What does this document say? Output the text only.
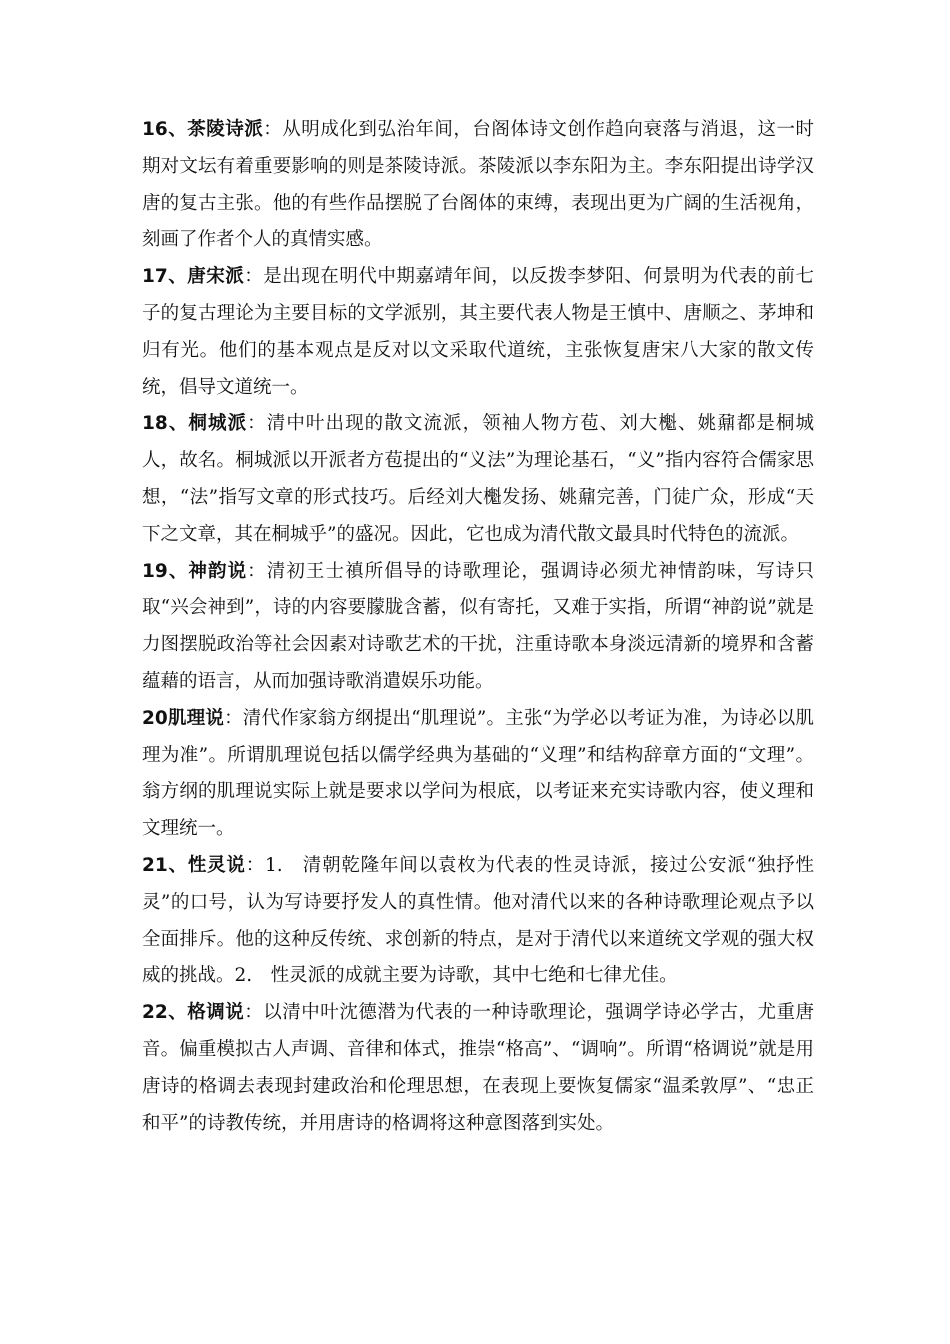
16、茶陵诗派：从明成化到弘治年间，台阁体诗文创作趋向衰落与消退，这一时期对文坛有着重要影响的则是茶陵诗派。茶陵派以李东阳为主。李东阳提出诗学汉唐的复古主张。他的有些作品摆脱了台阁体的束缚，表现出更为广阔的生活视角，刻画了作者个人的真情实感。

17、唐宋派：是出现在明代中期嘉靖年间，以反拨李梦阳、何景明为代表的前七子的复古理论为主要目标的文学派别，其主要代表人物是王慎中、唐顺之、茅坤和归有光。他们的基本观点是反对以文采取代道统，主张恢复唐宋八大家的散文传统，倡导文道统一。

18、桐城派：清中叶出现的散文流派，领袖人物方苞、刘大櫆、姚鼐都是桐城人，故名。桐城派以开派者方苞提出的“义法”为理论基石，“义”指内容符合儒家思想，“法”指写文章的形式技巧。后经刘大櫆发扬、姚鼐完善，门徒广众，形成“天下之文章，其在桐城乎”的盛况。因此，它也成为清代散文最具时代特色的流派。

19、神韵说：清初王士禛所倡导的诗歌理论，强调诗必须尤神情韵味，写诗只取“兴会神到”，诗的内容要朦胧含蓄，似有寄托，又难于实指，所谓“神韵说”就是力图摆脱政治等社会因素对诗歌艺术的干扰，注重诗歌本身淡远清新的境界和含蓄蕴藉的语言，从而加强诗歌消遣娱乐功能。

20肌理说：清代作家翁方纲提出“肌理说”。主张“为学必以考证为准，为诗必以肌理为准”。所谓肌理说包括以儒学经典为基础的“义理”和结构辞章方面的“文理”。翁方纲的肌理说实际上就是要求以学问为根底，以考证来充实诗歌内容，使义理和文理统一。

21、性灵说：1.　清朝乾隆年间以袁枚为代表的性灵诗派，接过公安派“独抒性灵”的口号，认为写诗要抒发人的真性情。他对清代以来的各种诗歌理论观点予以全面排斥。他的这种反传统、求创新的特点，是对于清代以来道统文学观的强大权威的挑战。2.　性灵派的成就主要为诗歌，其中七绝和七律尤佳。

22、格调说：以清中叶沈德潜为代表的一种诗歌理论，强调学诗必学古，尤重唐音。偏重模拟古人声调、音律和体式，推崇“格高”、“调响”。所谓“格调说”就是用唐诗的格调去表现封建政治和伦理思想，在表现上要恢复儒家“温柔敦厚”、“忠正和平”的诗教传统，并用唐诗的格调将这种意图落到实处。
